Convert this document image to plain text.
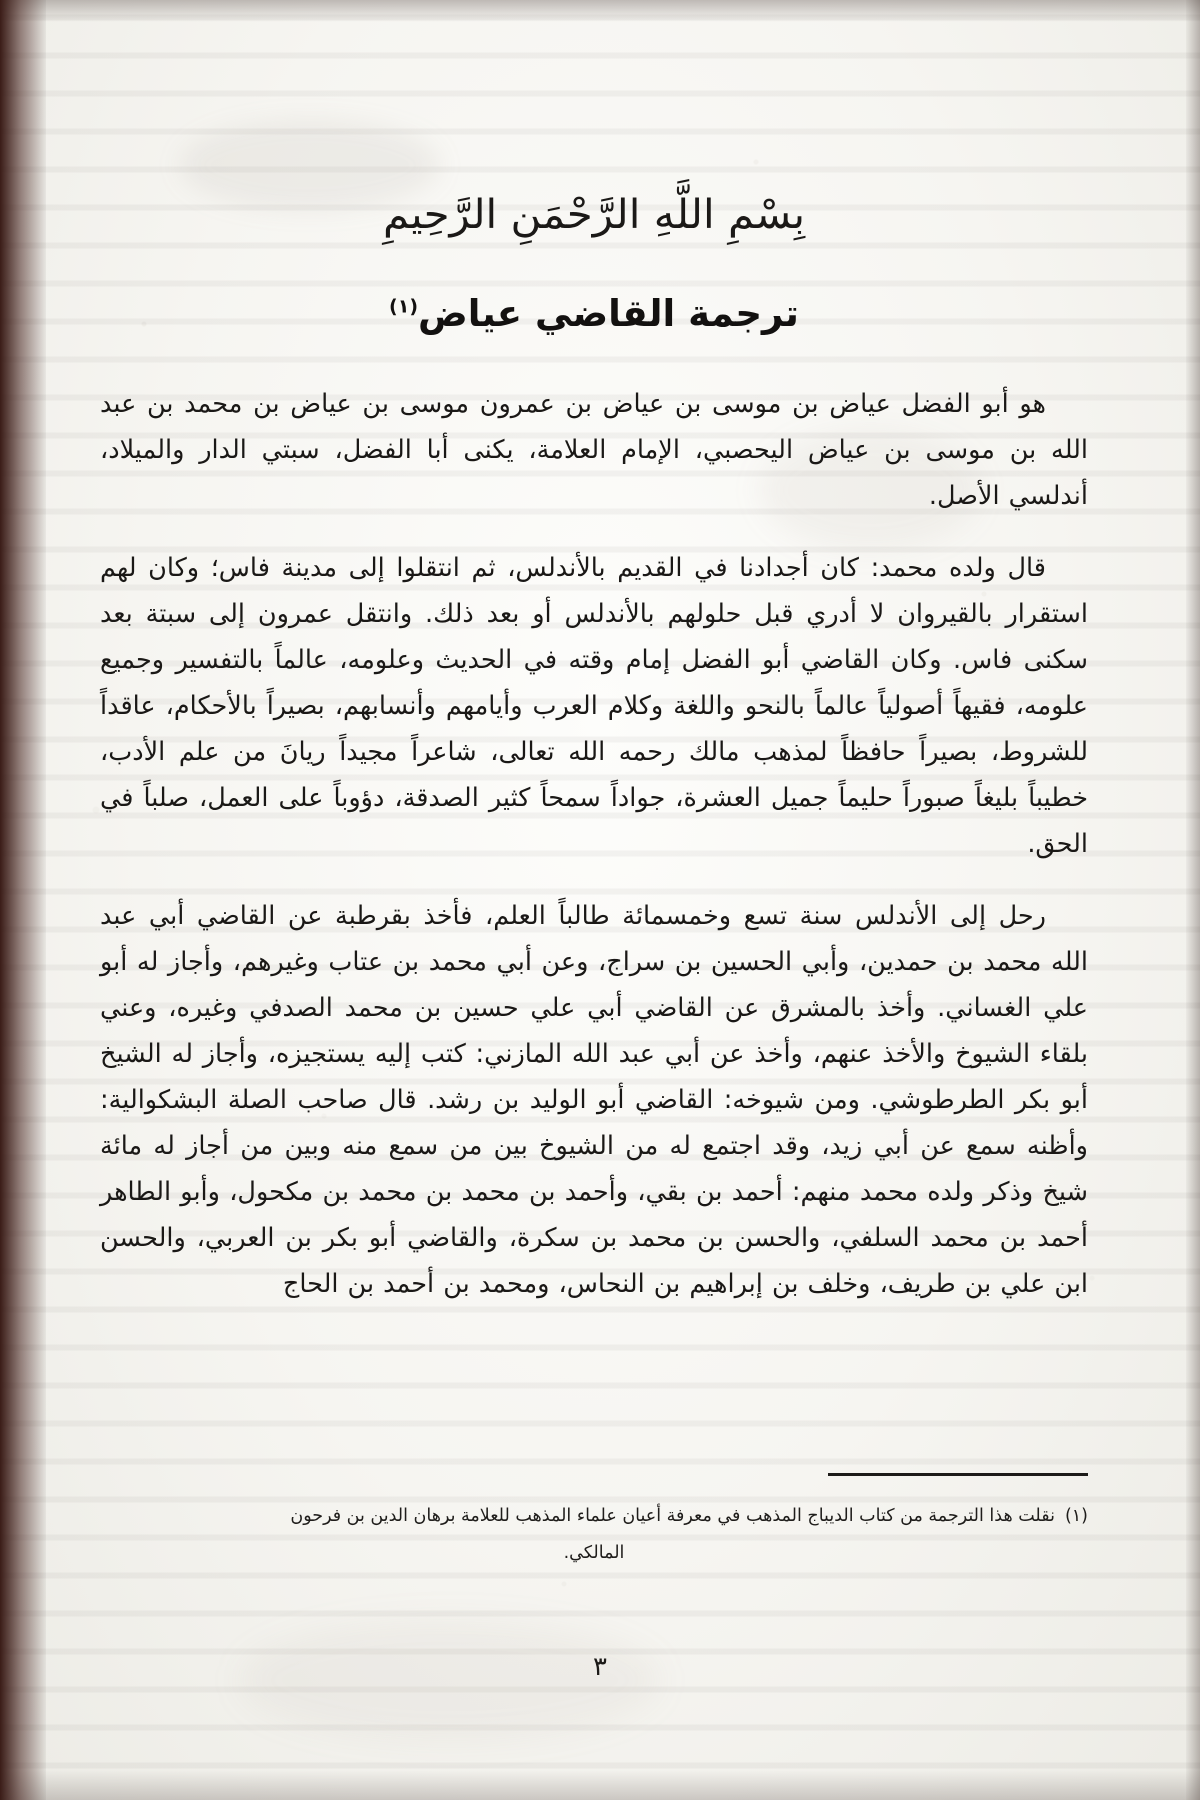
بِسْمِ اللَّهِ الرَّحْمَنِ الرَّحِيمِ
ترجمة القاضي عياض$^{(١)}$

هو أبو الفضل عياض بن موسى بن عياض بن عمرون موسى بن عياض بن محمد بن عبد الله بن موسى بن عياض اليحصبي، الإمام العلامة، يكنى أبا الفضل، سبتي الدار والميلاد، أندلسي الأصل.

قال ولده محمد: كان أجدادنا في القديم بالأندلس، ثم انتقلوا إلى مدينة فاس؛ وكان لهم استقرار بالقيروان لا أدري قبل حلولهم بالأندلس أو بعد ذلك. وانتقل عمرون إلى سبتة بعد سكنى فاس. وكان القاضي أبو الفضل إمام وقته في الحديث وعلومه، عالماً بالتفسير وجميع علومه، فقيهاً أصولياً عالماً بالنحو واللغة وكلام العرب وأيامهم وأنسابهم، بصيراً بالأحكام، عاقداً للشروط، بصيراً حافظاً لمذهب مالك رحمه الله تعالى، شاعراً مجيداً ريانَ من علم الأدب، خطيباً بليغاً صبوراً حليماً جميل العشرة، جواداً سمحاً كثير الصدقة، دؤوباً على العمل، صلباً في الحق.

رحل إلى الأندلس سنة تسع وخمسمائة طالباً العلم، فأخذ بقرطبة عن القاضي أبي عبد الله محمد بن حمدين، وأبي الحسين بن سراج، وعن أبي محمد بن عتاب وغيرهم، وأجاز له أبو علي الغساني. وأخذ بالمشرق عن القاضي أبي علي حسين بن محمد الصدفي وغيره، وعني بلقاء الشيوخ والأخذ عنهم، وأخذ عن أبي عبد الله المازني: كتب إليه يستجيزه، وأجاز له الشيخ أبو بكر الطرطوشي. ومن شيوخه: القاضي أبو الوليد بن رشد. قال صاحب الصلة البشكوالية: وأظنه سمع عن أبي زيد، وقد اجتمع له من الشيوخ بين من سمع منه وبين من أجاز له مائة شيخ وذكر ولده محمد منهم: أحمد بن بقي، وأحمد بن محمد بن محمد بن مكحول، وأبو الطاهر أحمد بن محمد السلفي، والحسن بن محمد بن سكرة، والقاضي أبو بكر بن العربي، والحسن ابن علي بن طريف، وخلف بن إبراهيم بن النحاس، ومحمد بن أحمد بن الحاج

(١)نقلت هذا الترجمة من كتاب الديباج المذهب في معرفة أعيان علماء المذهب للعلامة برهان الدين بن فرحون
المالكي.
٣
